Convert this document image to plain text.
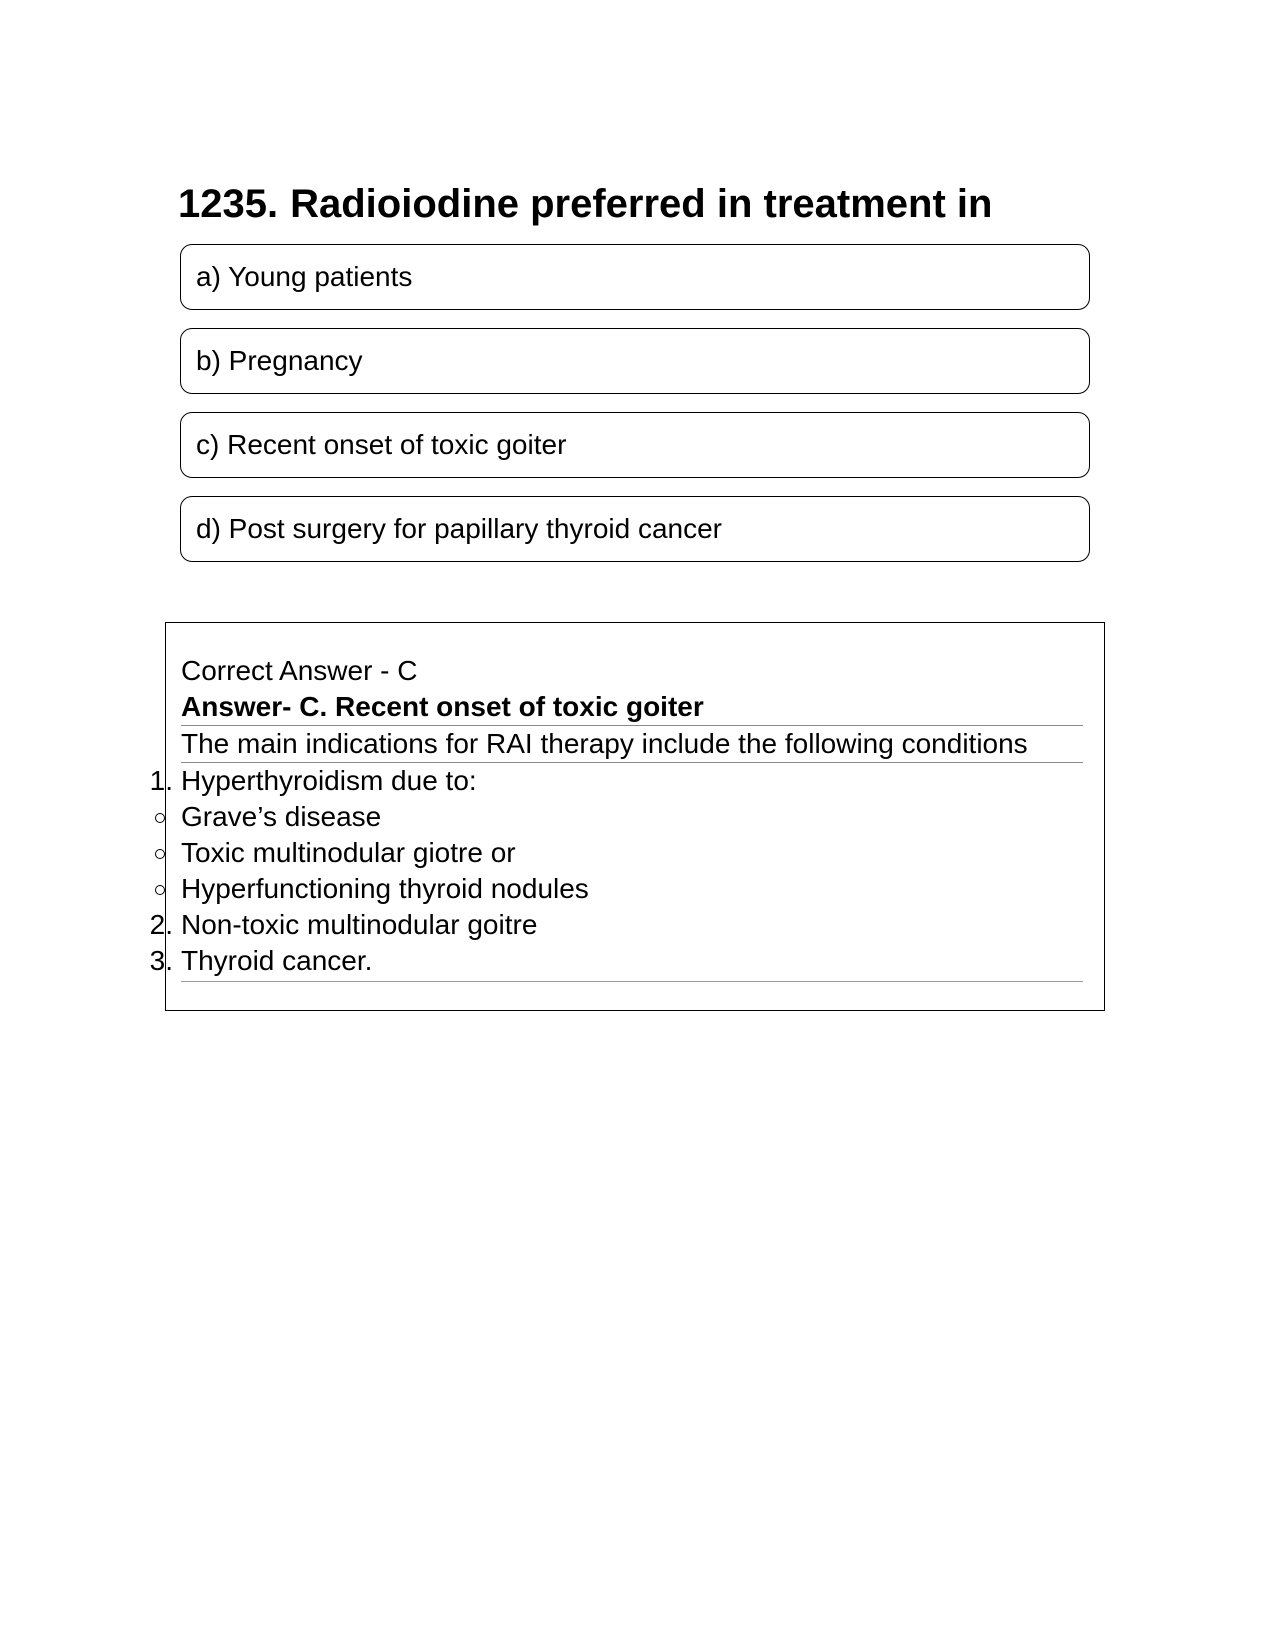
1235. Radioiodine preferred in treatment in
a) Young patients
b) Pregnancy
c) Recent onset of toxic goiter
d) Post surgery for papillary thyroid cancer
Correct Answer - C
Answer- C. Recent onset of toxic goiter
The main indications for RAI therapy include the following conditions
1. Hyperthyroidism due to:
Grave’s disease
Toxic multinodular giotre or
Hyperfunctioning thyroid nodules
2. Non-toxic multinodular goitre
3. Thyroid cancer.
